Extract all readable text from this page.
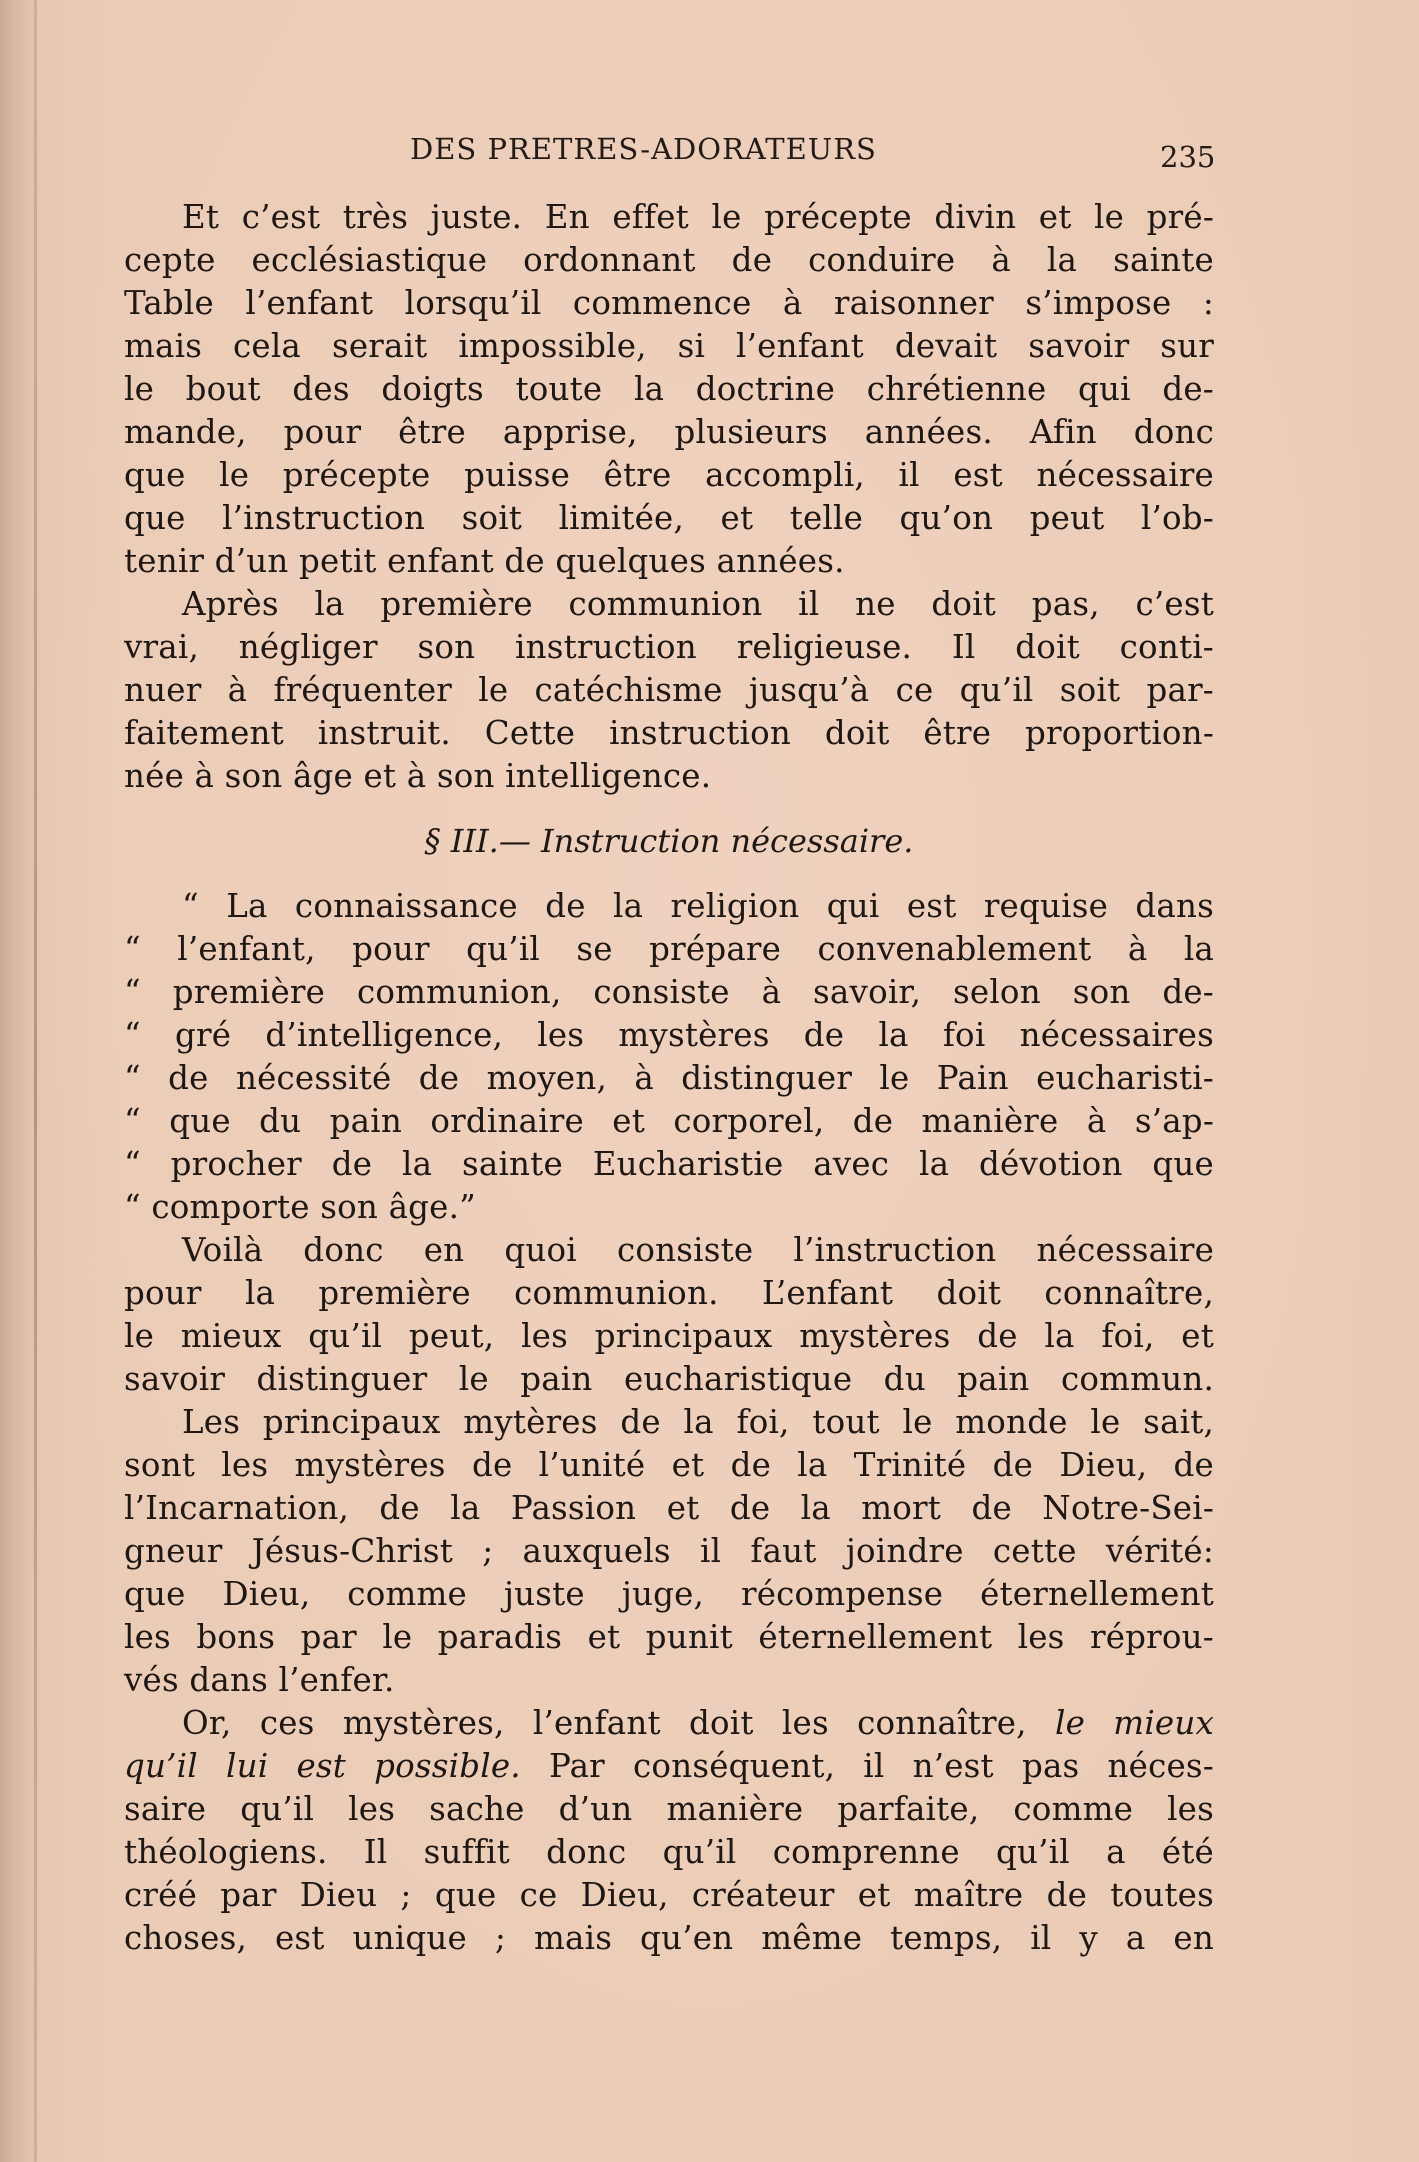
DES PRETRES-ADORATEURS	235
Et c’est très juste. En effet le précepte divin et le pré-
cepte ecclésiastique ordonnant de conduire à la sainte
Table l’enfant lorsqu’il commence à raisonner s’impose :
mais cela serait impossible, si l’enfant devait savoir sur
le bout des doigts toute la doctrine chrétienne qui de-
mande, pour être apprise, plusieurs années. Afin donc
que le précepte puisse être accompli, il est nécessaire
que l’instruction soit limitée, et telle qu’on peut l’ob-
tenir d’un petit enfant de quelques années.
Après la première communion il ne doit pas, c’est
vrai, négliger son instruction religieuse. Il doit conti-
nuer à fréquenter le catéchisme jusqu’à ce qu’il soit par-
faitement instruit. Cette instruction doit être proportion-
née à son âge et à son intelligence.
§ III.— Instruction nécessaire.
“ La connaissance de la religion qui est requise dans
“ l’enfant, pour qu’il se prépare convenablement à la
“ première communion, consiste à savoir, selon son de-
“ gré d’intelligence, les mystères de la foi nécessaires
“ de nécessité de moyen, à distinguer le Pain eucharisti-
“ que du pain ordinaire et corporel, de manière à s’ap-
“ procher de la sainte Eucharistie avec la dévotion que
“ comporte son âge.”
Voilà donc en quoi consiste l’instruction nécessaire
pour la première communion. L’enfant doit connaître,
le mieux qu’il peut, les principaux mystères de la foi, et
savoir distinguer le pain eucharistique du pain commun.
Les principaux mytères de la foi, tout le monde le sait,
sont les mystères de l’unité et de la Trinité de Dieu, de
l’Incarnation, de la Passion et de la mort de Notre-Sei-
gneur Jésus-Christ ; auxquels il faut joindre cette vérité:
que Dieu, comme juste juge, récompense éternellement
les bons par le paradis et punit éternellement les réprou-
vés dans l’enfer.
Or, ces mystères, l’enfant doit les connaître, le mieux
qu’il lui est possible. Par conséquent, il n’est pas néces-
saire qu’il les sache d’un manière parfaite, comme les
théologiens. Il suffit donc qu’il comprenne qu’il a été
créé par Dieu ; que ce Dieu, créateur et maître de toutes
choses, est unique ; mais qu’en même temps, il y a en
